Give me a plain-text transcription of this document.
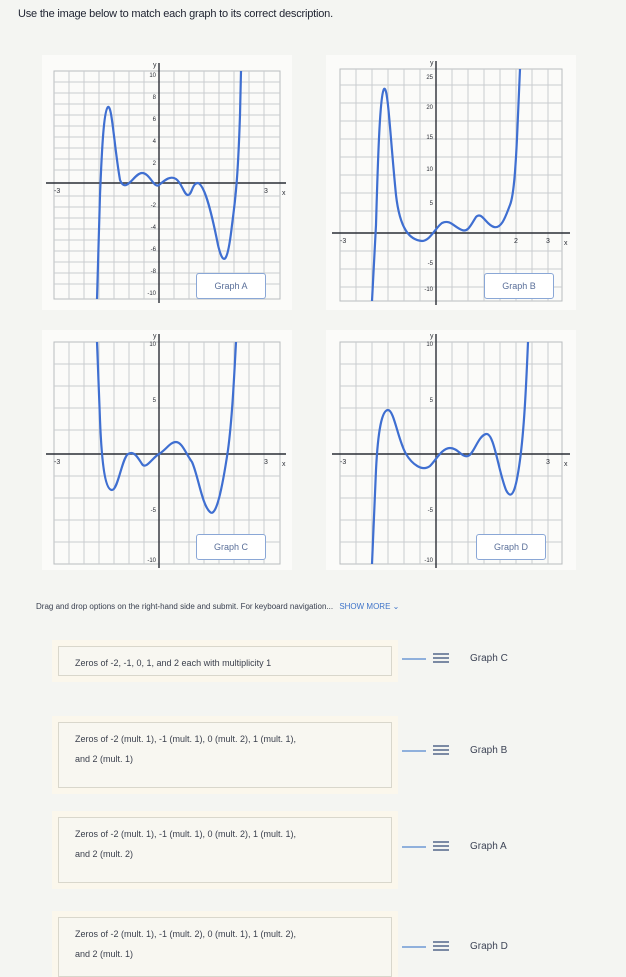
Use the image below to match each graph to its correct description.
y
x
-3	3
10
8
6
4
2
-2
-4
-6
-8
-10
Graph A
y
x
-3	2	3
25
20
15
10
5
-5
-10	Graph B
y
x
-3	3
10
5
-5
-10
Graph C
y
x
-3	3
10
5
-5
-10
Graph D
Drag and drop options on the right-hand side and submit. For keyboard navigation... SHOW MORE ⌄
Zeros of -2, -1, 0, 1, and 2 each with multiplicity 1
Zeros of -2 (mult. 1), -1 (mult. 1), 0 (mult. 2), 1 (mult. 1),
and 2 (mult. 1)
Zeros of -2 (mult. 1), -1 (mult. 1), 0 (mult. 2), 1 (mult. 1),
and 2 (mult. 2)
Zeros of -2 (mult. 1), -1 (mult. 2), 0 (mult. 1), 1 (mult. 2),
and 2 (mult. 1)
Graph C
Graph B
Graph A
Graph D
